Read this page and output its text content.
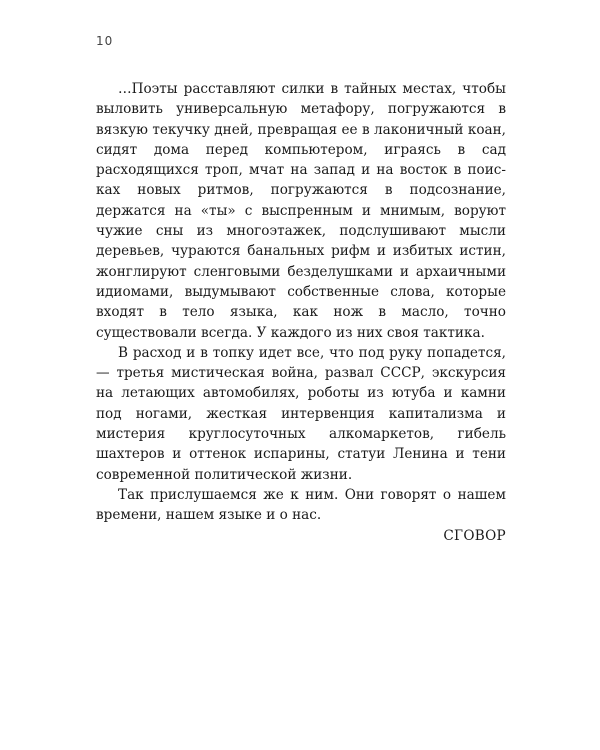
10

…Поэты расставляют силки в тайных местах, чтобы выловить универсальную метафору, погружаются в вязкую текучку дней, превращая ее в лаконичный коан, сидят дома перед компьютером, играясь в сад расходящихся троп, мчат на запад и на восток в поисках новых ритмов, погружаются в подсознание, держатся на «ты» с выспренным и мнимым, воруют чужие сны из многоэтажек, подслушивают мысли деревьев, чураются банальных рифм и избитых истин, жонглируют сленговыми безделушками и архаичными идиомами, выдумывают собственные слова, которые входят в тело языка, как нож в масло, точно существовали всегда. У каждого из них своя тактика.

В расход и в топку идет все, что под руку попадется,— третья мистическая война, развал СССР, экскурсия на летающих автомобилях, роботы из ютуба и камни под ногами, жесткая интервенция капитализма и мистерия круглосуточных алкомаркетов, гибель шахтеров и оттенок испарины, статуи Ленина и тени современной политической жизни.

Так прислушаемся же к ним. Они говорят о нашем времени, нашем языке и о нас.

СГОВОР
